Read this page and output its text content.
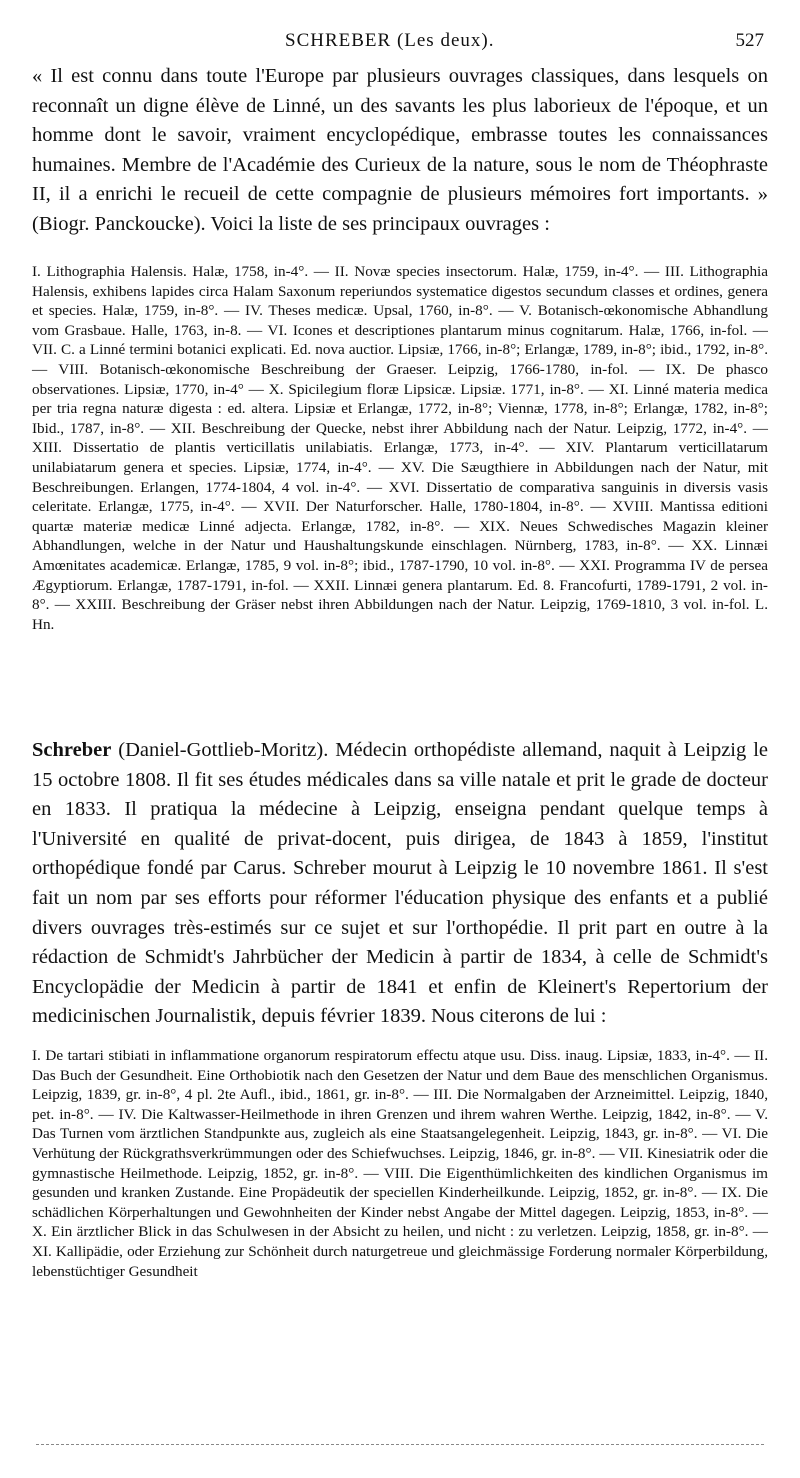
SCHREBER (Les deux).	527

« Il est connu dans toute l'Europe par plusieurs ouvrages classiques, dans lesquels on reconnaît un digne élève de Linné, un des savants les plus laborieux de l'époque, et un homme dont le savoir, vraiment encyclopédique, embrasse toutes les connaissances humaines. Membre de l'Académie des Curieux de la nature, sous le nom de Théophraste II, il a enrichi le recueil de cette compagnie de plusieurs mémoires fort importants. » (Biogr. Panckoucke). Voici la liste de ses principaux ouvrages :

I. Lithographia Halensis. Halæ, 1758, in-4°. — II. Novæ species insectorum. Halæ, 1759, in-4°. — III. Lithographia Halensis, exhibens lapides circa Halam Saxonum reperiundos systematice digestos secundum classes et ordines, genera et species. Halæ, 1759, in-8°. — IV. Theses medicæ. Upsal, 1760, in-8°. — V. Botanisch-œkonomische Abhandlung vom Grasbaue. Halle, 1763, in-8. — VI. Icones et descriptiones plantarum minus cognitarum. Halæ, 1766, in-fol. — VII. C. a Linné termini botanici explicati. Ed. nova auctior. Lipsiæ, 1766, in-8°; Erlangæ, 1789, in-8°; ibid., 1792, in-8°. — VIII. Botanisch-œkonomische Beschreibung der Graeser. Leipzig, 1766-1780, in-fol. — IX. De phasco observationes. Lipsiæ, 1770, in-4° — X. Spicilegium floræ Lipsicæ. Lipsiæ. 1771, in-8°. — XI. Linné materia medica per tria regna naturæ digesta : ed. altera. Lipsiæ et Erlangæ, 1772, in-8°; Viennæ, 1778, in-8°; Erlangæ, 1782, in-8°; Ibid., 1787, in-8°. — XII. Beschreibung der Quecke, nebst ihrer Abbildung nach der Natur. Leipzig, 1772, in-4°. — XIII. Dissertatio de plantis verticillatis unilabiatis. Erlangæ, 1773, in-4°. — XIV. Plantarum verticillatarum unilabiatarum genera et species. Lipsiæ, 1774, in-4°. — XV. Die Sæugthiere in Abbildungen nach der Natur, mit Beschreibungen. Erlangen, 1774-1804, 4 vol. in-4°. — XVI. Dissertatio de comparativa sanguinis in diversis vasis celeritate. Erlangæ, 1775, in-4°. — XVII. Der Naturforscher. Halle, 1780-1804, in-8°. — XVIII. Mantissa editioni quartæ materiæ medicæ Linné adjecta. Erlangæ, 1782, in-8°. — XIX. Neues Schwedisches Magazin kleiner Abhandlungen, welche in der Natur und Haushaltungskunde einschlagen. Nürnberg, 1783, in-8°. — XX. Linnæi Amœnitates academicæ. Erlangæ, 1785, 9 vol. in-8°; ibid., 1787-1790, 10 vol. in-8°. — XXI. Programma IV de persea Ægyptiorum. Erlangæ, 1787-1791, in-fol. — XXII. Linnæi genera plantarum. Ed. 8. Francofurti, 1789-1791, 2 vol. in-8°. — XXIII. Beschreibung der Gräser nebst ihren Abbildungen nach der Natur. Leipzig, 1769-1810, 3 vol. in-fol. L. Hn.

Schreber (Daniel-Gottlieb-Moritz). Médecin orthopédiste allemand, naquit à Leipzig le 15 octobre 1808. Il fit ses études médicales dans sa ville natale et prit le grade de docteur en 1833. Il pratiqua la médecine à Leipzig, enseigna pendant quelque temps à l'Université en qualité de privat-docent, puis dirigea, de 1843 à 1859, l'institut orthopédique fondé par Carus. Schreber mourut à Leipzig le 10 novembre 1861. Il s'est fait un nom par ses efforts pour réformer l'éducation physique des enfants et a publié divers ouvrages très-estimés sur ce sujet et sur l'orthopédie. Il prit part en outre à la rédaction de Schmidt's Jahrbücher der Medicin à partir de 1834, à celle de Schmidt's Encyclopädie der Medicin à partir de 1841 et enfin de Kleinert's Repertorium der medicinischen Journalistik, depuis février 1839. Nous citerons de lui :

I. De tartari stibiati in inflammatione organorum respiratorum effectu atque usu. Diss. inaug. Lipsiæ, 1833, in-4°. — II. Das Buch der Gesundheit. Eine Orthobiotik nach den Gesetzen der Natur und dem Baue des menschlichen Organismus. Leipzig, 1839, gr. in-8°, 4 pl. 2te Aufl., ibid., 1861, gr. in-8°. — III. Die Normalgaben der Arzneimittel. Leipzig, 1840, pet. in-8°. — IV. Die Kaltwasser-Heilmethode in ihren Grenzen und ihrem wahren Werthe. Leipzig, 1842, in-8°. — V. Das Turnen vom ärztlichen Standpunkte aus, zugleich als eine Staatsangelegenheit. Leipzig, 1843, gr. in-8°. — VI. Die Verhütung der Rückgrathsverkrümmungen oder des Schiefwuchses. Leipzig, 1846, gr. in-8°. — VII. Kinesiatrik oder die gymnastische Heilmethode. Leipzig, 1852, gr. in-8°. — VIII. Die Eigenthümlichkeiten des kindlichen Organismus im gesunden und kranken Zustande. Eine Propädeutik der speciellen Kinderheilkunde. Leipzig, 1852, gr. in-8°. — IX. Die schädlichen Körperhaltungen und Gewohnheiten der Kinder nebst Angabe der Mittel dagegen. Leipzig, 1853, in-8°. — X. Ein ärztlicher Blick in das Schulwesen in der Absicht zu heilen, und nicht : zu verletzen. Leipzig, 1858, gr. in-8°. — XI. Kallipädie, oder Erziehung zur Schönheit durch naturgetreue und gleichmässige Forderung normaler Körperbildung, lebenstüchtiger Gesundheit
